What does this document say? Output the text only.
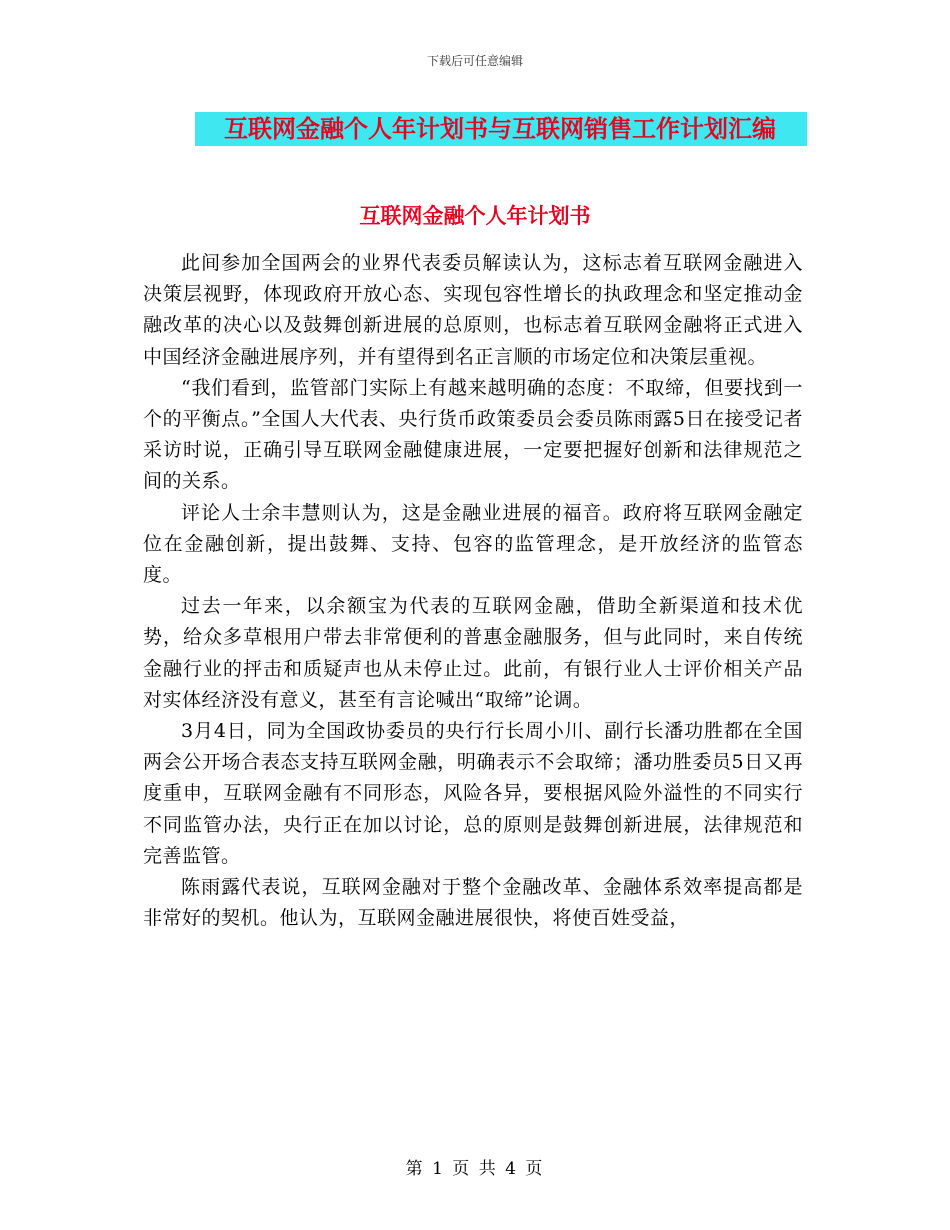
下载后可任意编辑
互联网金融个人年计划书与互联网销售工作计划汇编
互联网金融个人年计划书

此间参加全国两会的业界代表委员解读认为，这标志着互联网金融进入决策层视野，体现政府开放心态、实现包容性增长的执政理念和坚定推动金融改革的决心以及鼓舞创新进展的总原则，也标志着互联网金融将正式进入中国经济金融进展序列，并有望得到名正言顺的市场定位和决策层重视。

“我们看到，监管部门实际上有越来越明确的态度：不取缔，但要找到一个的平衡点。”全国人大代表、央行货币政策委员会委员陈雨露5日在接受记者采访时说，正确引导互联网金融健康进展，一定要把握好创新和法律规范之间的关系。

评论人士余丰慧则认为，这是金融业进展的福音。政府将互联网金融定位在金融创新，提出鼓舞、支持、包容的监管理念，是开放经济的监管态度。

过去一年来，以余额宝为代表的互联网金融，借助全新渠道和技术优势，给众多草根用户带去非常便利的普惠金融服务，但与此同时，来自传统金融行业的抨击和质疑声也从未停止过。此前，有银行业人士评价相关产品对实体经济没有意义，甚至有言论喊出“取缔”论调。

3月4日，同为全国政协委员的央行行长周小川、副行长潘功胜都在全国两会公开场合表态支持互联网金融，明确表示不会取缔；潘功胜委员5日又再度重申，互联网金融有不同形态，风险各异，要根据风险外溢性的不同实行不同监管办法，央行正在加以讨论，总的原则是鼓舞创新进展，法律规范和完善监管。

陈雨露代表说，互联网金融对于整个金融改革、金融体系效率提高都是非常好的契机。他认为，互联网金融进展很快，将使百姓受益，

第 1 页 共 4 页
